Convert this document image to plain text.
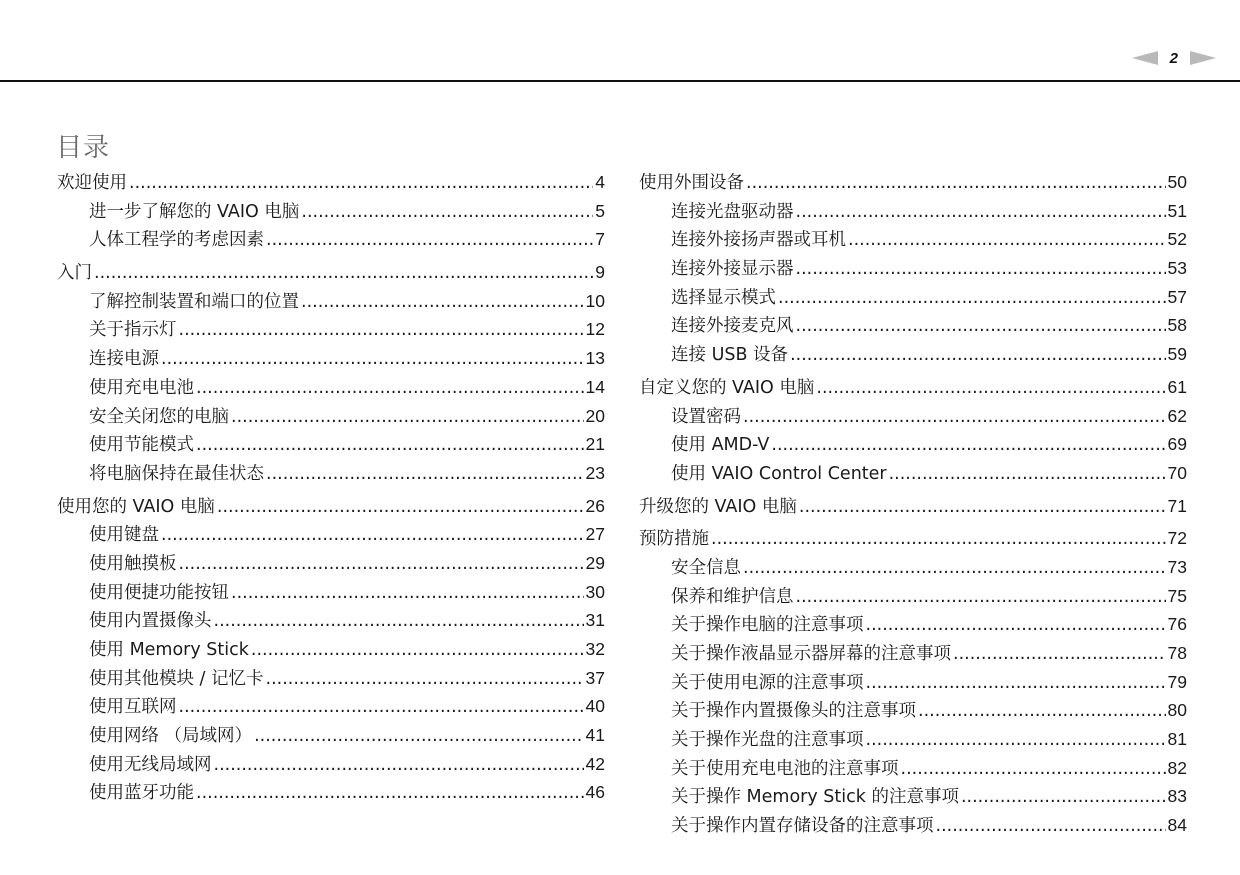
2
目录
欢迎使用 .....	4
进一步了解您的 VAIO 电脑 .....	5
人体工程学的考虑因素 .....	7
入门 .....	9
了解控制装置和端口的位置 .....	10
关于指示灯 .....	12
连接电源 .....	13
使用充电电池 .....	14
安全关闭您的电脑 .....	20
使用节能模式 .....	21
将电脑保持在最佳状态 .....	23
使用您的 VAIO 电脑 .....	26
使用键盘 .....	27
使用触摸板 .....	29
使用便捷功能按钮 .....	30
使用内置摄像头 .....	31
使用 Memory Stick .....	32
使用其他模块 / 记忆卡 .....	37
使用互联网 .....	40
使用网络 （局域网） .....	41
使用无线局域网 .....	42
使用蓝牙功能 .....	46
使用外围设备 .....	50
连接光盘驱动器 .....	51
连接外接扬声器或耳机 .....	52
连接外接显示器 .....	53
选择显示模式 .....	57
连接外接麦克风 .....	58
连接 USB 设备 .....	59
自定义您的 VAIO 电脑 .....	61
设置密码 .....	62
使用 AMD-V .....	69
使用 VAIO Control Center .....	70
升级您的 VAIO 电脑 .....	71
预防措施 .....	72
安全信息 .....	73
保养和维护信息 .....	75
关于操作电脑的注意事项 .....	76
关于操作液晶显示器屏幕的注意事项 .....	78
关于使用电源的注意事项 .....	79
关于操作内置摄像头的注意事项 .....	80
关于操作光盘的注意事项 .....	81
关于使用充电电池的注意事项 .....	82
关于操作 Memory Stick 的注意事项 .....	83
关于操作内置存储设备的注意事项 .....	84
